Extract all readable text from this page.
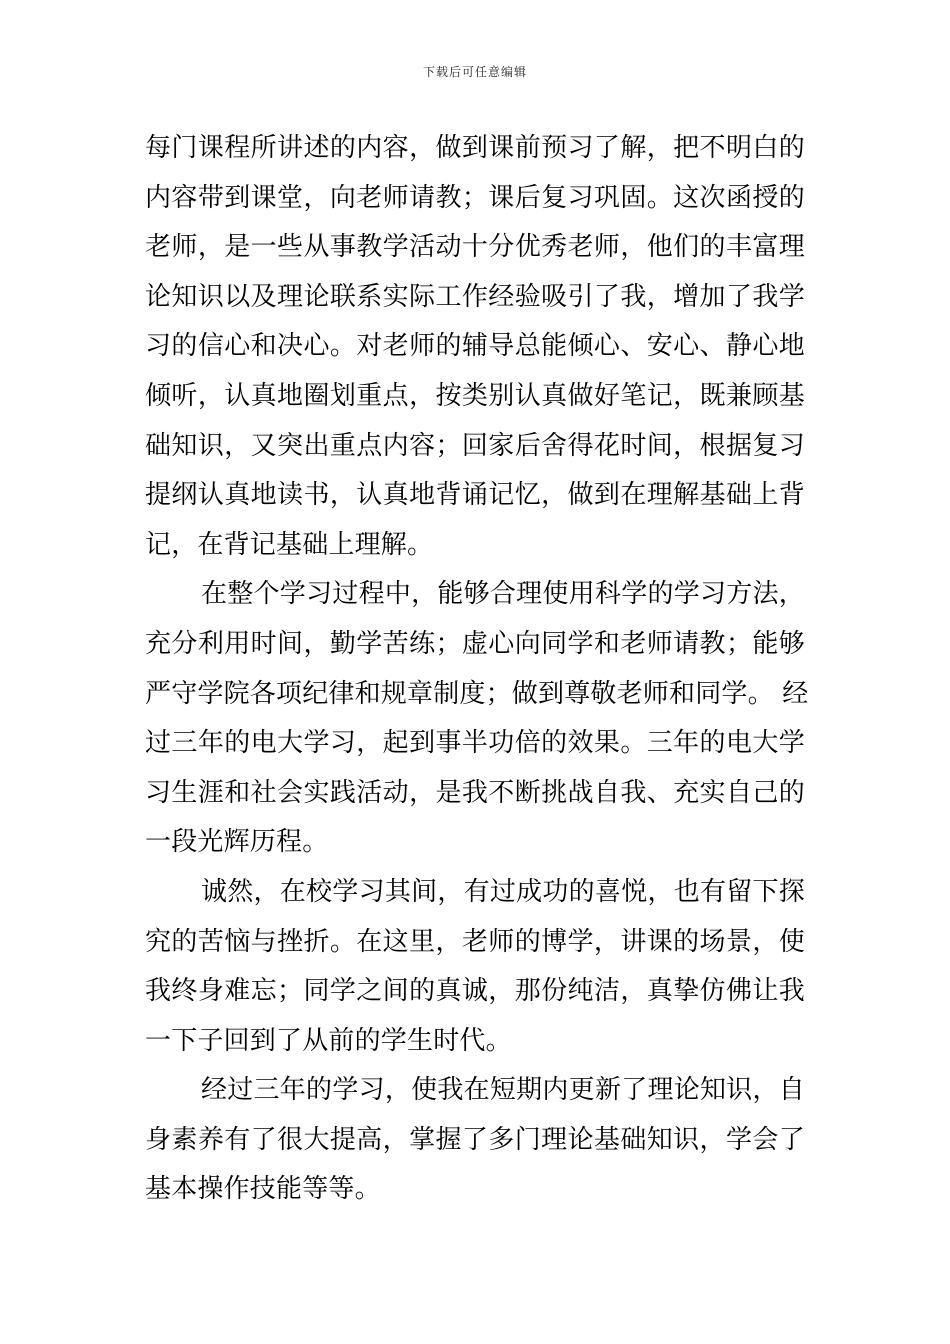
下载后可任意编辑
每门课程所讲述的内容，做到课前预习了解，把不明白的
内容带到课堂，向老师请教；课后复习巩固。这次函授的
老师，是一些从事教学活动十分优秀老师，他们的丰富理
论知识以及理论联系实际工作经验吸引了我，增加了我学
习的信心和决心。对老师的辅导总能倾心、安心、静心地
倾听，认真地圈划重点，按类别认真做好笔记，既兼顾基
础知识，又突出重点内容；回家后舍得花时间，根据复习
提纲认真地读书，认真地背诵记忆，做到在理解基础上背
记，在背记基础上理解。
在整个学习过程中，能够合理使用科学的学习方法，
充分利用时间，勤学苦练；虚心向同学和老师请教；能够
严守学院各项纪律和规章制度；做到尊敬老师和同学。 经
过三年的电大学习，起到事半功倍的效果。三年的电大学
习生涯和社会实践活动，是我不断挑战自我、充实自己的
一段光辉历程。
诚然，在校学习其间，有过成功的喜悦，也有留下探
究的苦恼与挫折。在这里，老师的博学，讲课的场景，使
我终身难忘；同学之间的真诚，那份纯洁，真挚仿佛让我
一下子回到了从前的学生时代。
经过三年的学习，使我在短期内更新了理论知识，自
身素养有了很大提高，掌握了多门理论基础知识，学会了
基本操作技能等等。
